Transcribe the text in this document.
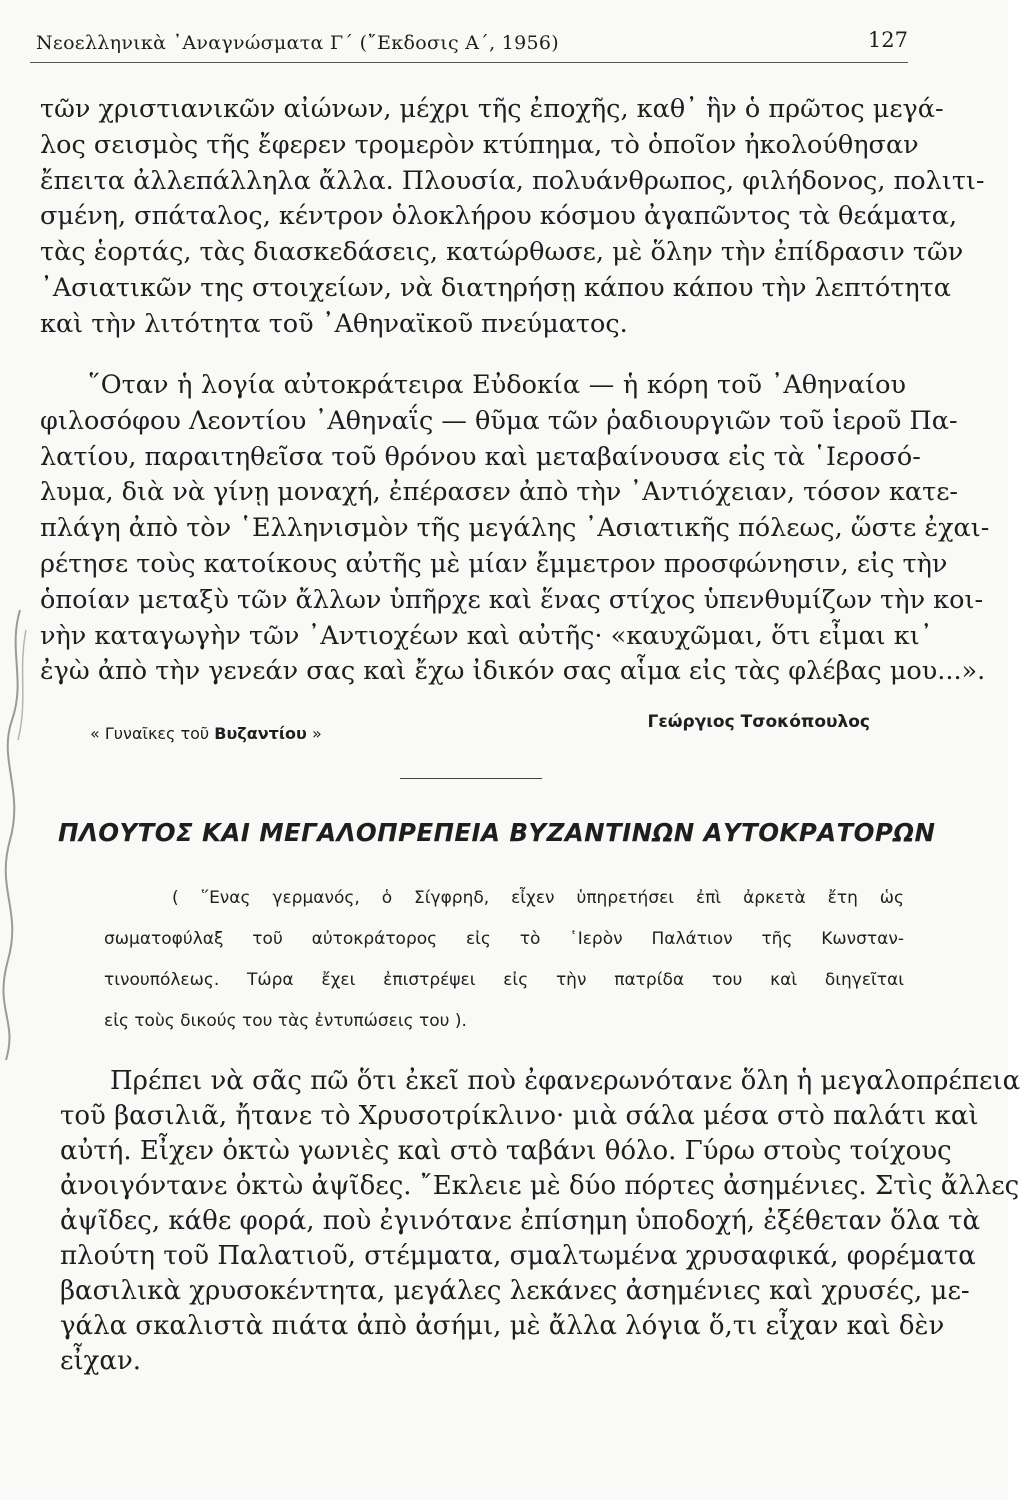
Νεοελληνικὰ ᾿Αναγνώσματα Γ΄ (῎Εκδοσις Α΄, 1956)	127
τῶν χριστιανικῶν αἰώνων, μέχρι τῆς ἐποχῆς, καθ᾿ ἣν ὁ πρῶτος μεγά-
λος σεισμὸς τῆς ἔφερεν τρομερὸν κτύπημα, τὸ ὁποῖον ἠκολούθησαν
ἔπειτα ἀλλεπάλληλα ἄλλα. Πλουσία, πολυάνθρωπος, φιλήδονος, πολιτι-
σμένη, σπάταλος, κέντρον ὁλοκλήρου κόσμου ἀγαπῶντος τὰ θεάματα,
τὰς ἑορτάς, τὰς διασκεδάσεις, κατώρθωσε, μὲ ὅλην τὴν ἐπίδρασιν τῶν
᾿Ασιατικῶν της στοιχείων, νὰ διατηρήσῃ κάπου κάπου τὴν λεπτότητα
καὶ τὴν λιτότητα τοῦ ᾿Αθηναϊκοῦ πνεύματος.
῞Οταν ἡ λογία αὐτοκράτειρα Εὐδοκία — ἡ κόρη τοῦ ᾿Αθηναίου
φιλοσόφου Λεοντίου ᾿Αθηναΐς — θῦμα τῶν ῥαδιουργιῶν τοῦ ἱεροῦ Πα-
λατίου, παραιτηθεῖσα τοῦ θρόνου καὶ μεταβαίνουσα εἰς τὰ ῾Ιεροσό-
λυμα, διὰ νὰ γίνῃ μοναχή, ἐπέρασεν ἀπὸ τὴν ᾿Αντιόχειαν, τόσον κατε-
πλάγη ἀπὸ τὸν ῾Ελληνισμὸν τῆς μεγάλης ᾿Ασιατικῆς πόλεως, ὥστε ἐχαι-
ρέτησε τοὺς κατοίκους αὐτῆς μὲ μίαν ἔμμετρον προσφώνησιν, εἰς τὴν
ὁποίαν μεταξὺ τῶν ἄλλων ὑπῆρχε καὶ ἕνας στίχος ὑπενθυμίζων τὴν κοι-
νὴν καταγωγὴν τῶν ᾿Αντιοχέων καὶ αὐτῆς· «καυχῶμαι, ὅτι εἶμαι κι᾿
ἐγὼ ἀπὸ τὴν γενεάν σας καὶ ἔχω ἰδικόν σας αἷμα εἰς τὰς φλέβας μου...».
« Γυναῖκες τοῦ Βυζαντίου »
Γεώργιος Τσοκόπουλος
ΠΛΟΥΤΟΣ ΚΑΙ ΜΕΓΑΛΟΠΡΕΠΕΙΑ ΒΥΖΑΝΤΙΝΩΝ ΑΥΤΟΚΡΑΤΟΡΩΝ
( ῞Ενας γερμανός, ὁ Σίγφρηδ, εἶχεν ὑπηρετήσει ἐπὶ ἀρκετὰ ἔτη ὡς
σωματοφύλαξ τοῦ αὐτοκράτορος εἰς τὸ ῾Ιερὸν Παλάτιον τῆς Κωνσταν-
τινουπόλεως. Τώρα ἔχει ἐπιστρέψει εἰς τὴν πατρίδα του καὶ διηγεῖται
εἰς τοὺς δικούς του τὰς ἐντυπώσεις του ).
Πρέπει νὰ σᾶς πῶ ὅτι ἐκεῖ ποὺ ἐφανερωνότανε ὅλη ἡ μεγαλοπρέπεια
τοῦ βασιλιᾶ, ἤτανε τὸ Χρυσοτρίκλινο· μιὰ σάλα μέσα στὸ παλάτι καὶ
αὐτή. Εἶχεν ὀκτὼ γωνιὲς καὶ στὸ ταβάνι θόλο. Γύρω στοὺς τοίχους
ἀνοιγόντανε ὀκτὼ ἀψῖδες. ῎Εκλειε μὲ δύο πόρτες ἀσημένιες. Στὶς ἄλλες
ἀψῖδες, κάθε φορά, ποὺ ἐγινότανε ἐπίσημη ὑποδοχή, ἐξέθεταν ὅλα τὰ
πλούτη τοῦ Παλατιοῦ, στέμματα, σμαλτωμένα χρυσαφικά, φορέματα
βασιλικὰ χρυσοκέντητα, μεγάλες λεκάνες ἀσημένιες καὶ χρυσές, με-
γάλα σκαλιστὰ πιάτα ἀπὸ ἀσήμι, μὲ ἄλλα λόγια ὅ,τι εἶχαν καὶ δὲν
εἶχαν.
